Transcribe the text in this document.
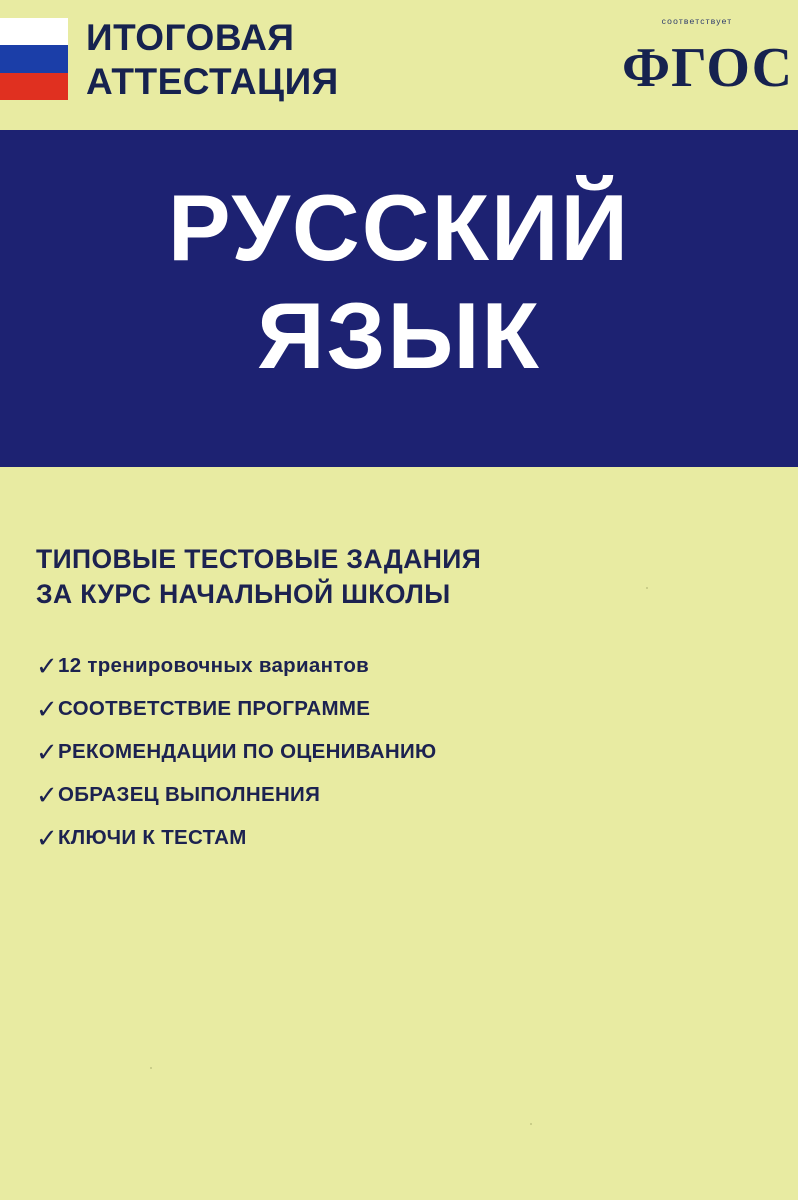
ИТОГОВАЯ
АТТЕСТАЦИЯ
соответствует
ФГОС
РУССКИЙ
ЯЗЫК
ТИПОВЫЕ ТЕСТОВЫЕ ЗАДАНИЯ
ЗА КУРС НАЧАЛЬНОЙ ШКОЛЫ
✓ 12 тренировочных вариантов
✓ СООТВЕТСТВИЕ ПРОГРАММЕ
✓ РЕКОМЕНДАЦИИ ПО ОЦЕНИВАНИЮ
✓ ОБРАЗЕЦ ВЫПОЛНЕНИЯ
✓ КЛЮЧИ К ТЕСТАМ
